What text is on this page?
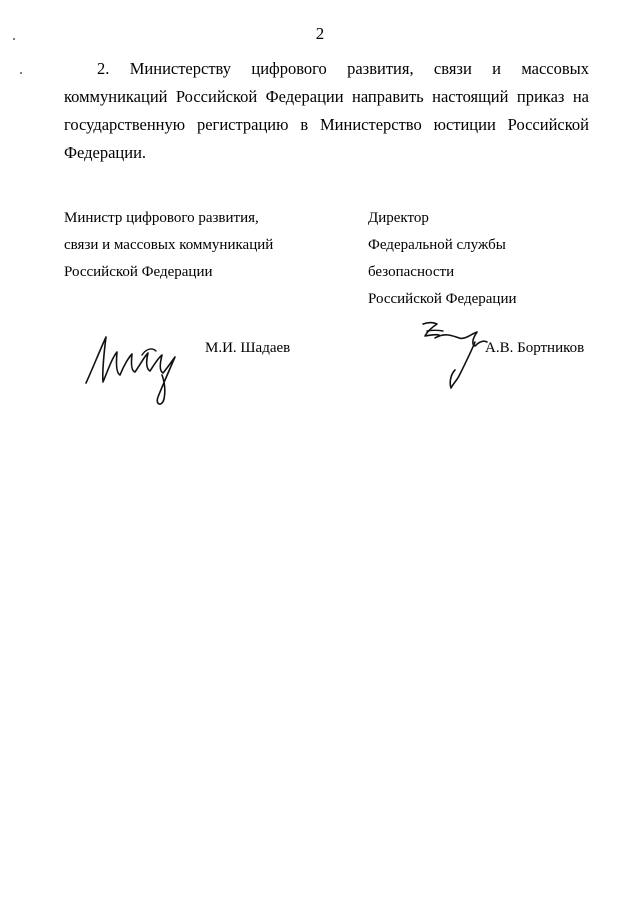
2

2. Министерству цифрового развития, связи и массовых коммуникаций Российской Федерации направить настоящий приказ на государственную регистрацию в Министерство юстиции Российской Федерации.

Министр цифрового развития,
связи и массовых коммуникаций
Российской Федерации
Директор
Федеральной службы
безопасности
Российской Федерации
М.И. Шадаев	А.В. Бортников
